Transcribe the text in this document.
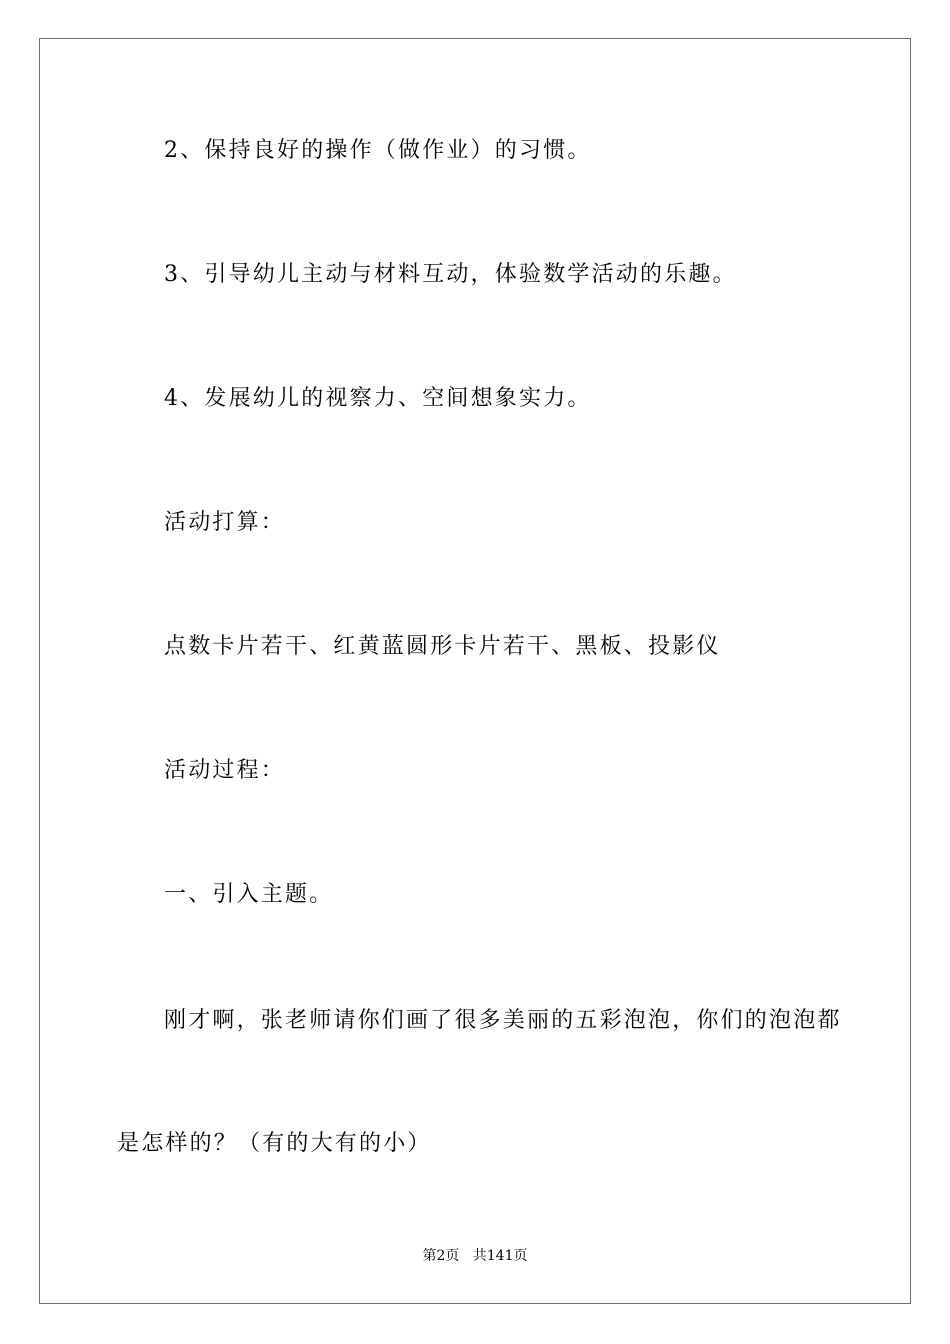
2、保持良好的操作（做作业）的习惯。
3、引导幼儿主动与材料互动，体验数学活动的乐趣。
4、发展幼儿的视察力、空间想象实力。
活动打算：
点数卡片若干、红黄蓝圆形卡片若干、黑板、投影仪
活动过程：
一、引入主题。
刚才啊，张老师请你们画了很多美丽的五彩泡泡，你们的泡泡都
是怎样的？（有的大有的小）
第2页   共141页
